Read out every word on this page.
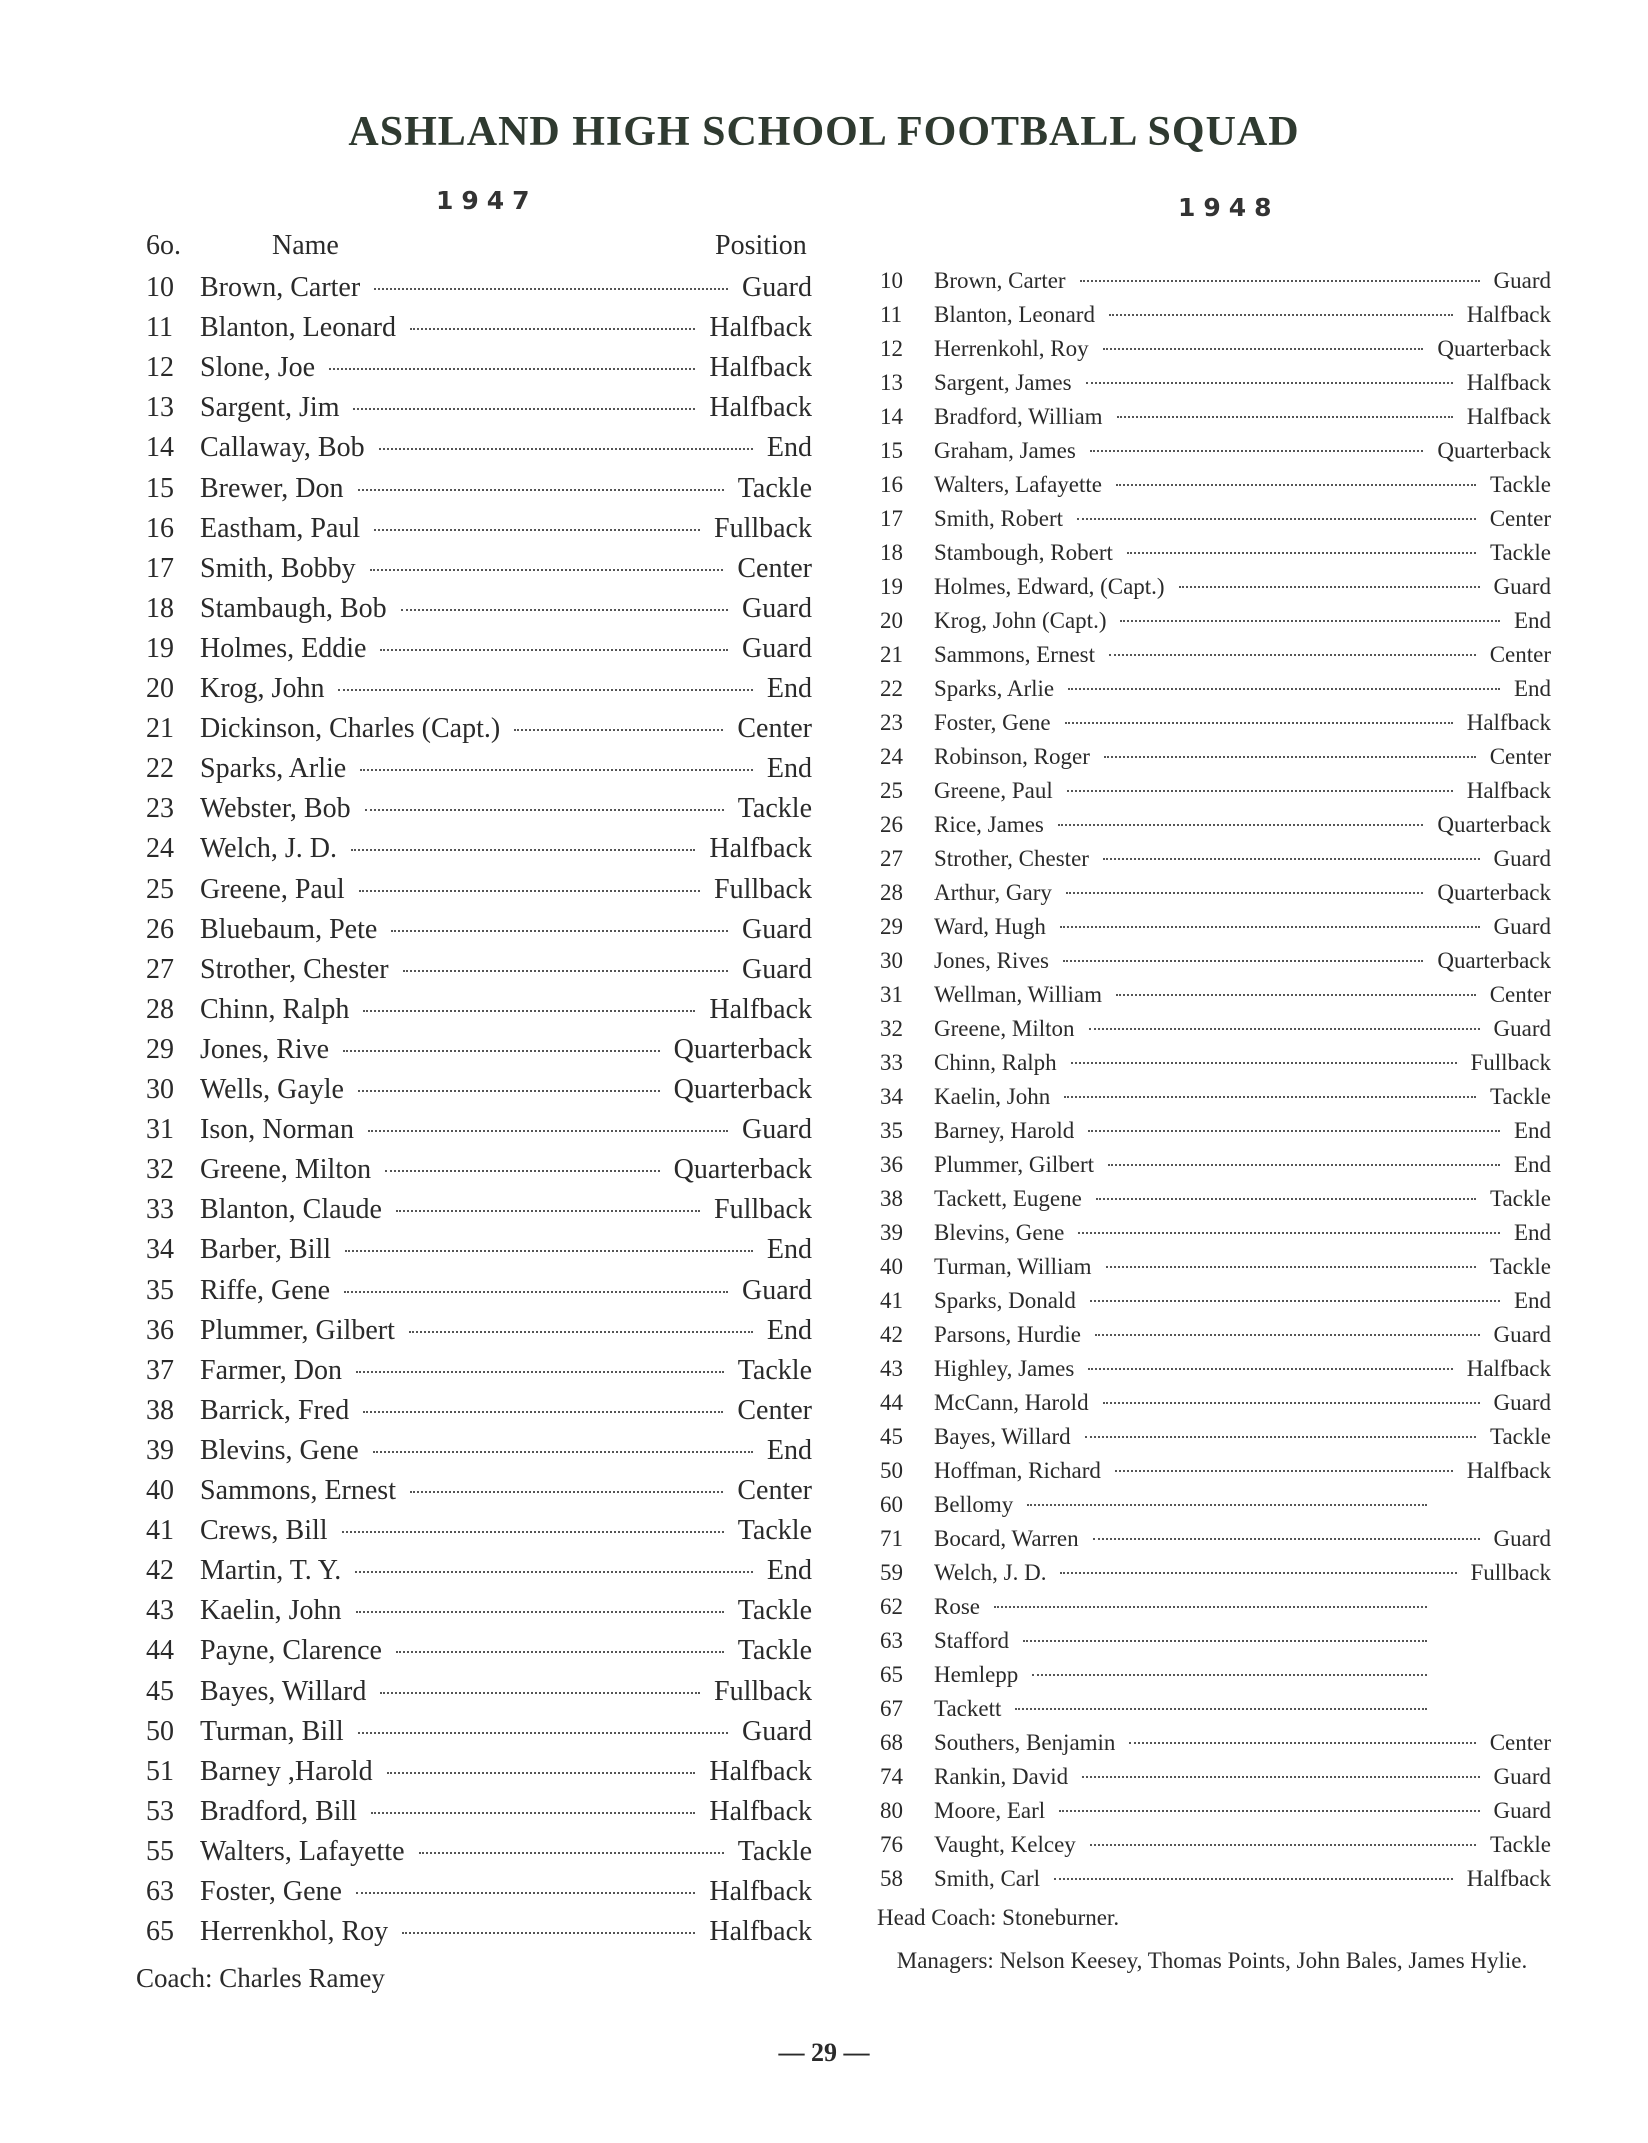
ASHLAND HIGH SCHOOL FOOTBALL SQUAD
1947	1948
6o.	Name	Position
10 Brown, Carter	Guard
11 Blanton, Leonard	Halfback
12 Slone, Joe	Halfback
13 Sargent, Jim	Halfback
14 Callaway, Bob	End
15 Brewer, Don	Tackle
16 Eastham, Paul	Fullback
17 Smith, Bobby	Center
18 Stambaugh, Bob	Guard
19 Holmes, Eddie	Guard
20 Krog, John	End
21 Dickinson, Charles (Capt.)	Center
22 Sparks, Arlie	End
23 Webster, Bob	Tackle
24 Welch, J. D.	Halfback
25 Greene, Paul	Fullback
26 Bluebaum, Pete	Guard
27 Strother, Chester	Guard
28 Chinn, Ralph	Halfback
29 Jones, Rive	Quarterback
30 Wells, Gayle	Quarterback
31 Ison, Norman	Guard
32 Greene, Milton	Quarterback
33 Blanton, Claude	Fullback
34 Barber, Bill	End
35 Riffe, Gene	Guard
36 Plummer, Gilbert	End
37 Farmer, Don	Tackle
38 Barrick, Fred	Center
39 Blevins, Gene	End
40 Sammons, Ernest	Center
41 Crews, Bill	Tackle
42 Martin, T. Y.	End
43 Kaelin, John	Tackle
44 Payne, Clarence	Tackle
45 Bayes, Willard	Fullback
50 Turman, Bill	Guard
51 Barney ,Harold	Halfback
53 Bradford, Bill	Halfback
55 Walters, Lafayette	Tackle
63 Foster, Gene	Halfback
65 Herrenkhol, Roy	Halfback
10	Brown, Carter	Guard
11	Blanton, Leonard	Halfback
12	Herrenkohl, Roy	Quarterback
13	Sargent, James	Halfback
14	Bradford, William	Halfback
15	Graham, James	Quarterback
16	Walters, Lafayette	Tackle
17	Smith, Robert	Center
18	Stambough, Robert	Tackle
19	Holmes, Edward, (Capt.)	Guard
20	Krog, John (Capt.)	End
21	Sammons, Ernest	Center
22	Sparks, Arlie	End
23	Foster, Gene	Halfback
24	Robinson, Roger	Center
25	Greene, Paul	Halfback
26	Rice, James	Quarterback
27	Strother, Chester	Guard
28	Arthur, Gary	Quarterback
29	Ward, Hugh	Guard
30	Jones, Rives	Quarterback
31	Wellman, William	Center
32	Greene, Milton	Guard
33	Chinn, Ralph	Fullback
34	Kaelin, John	Tackle
35	Barney, Harold	End
36	Plummer, Gilbert	End
38	Tackett, Eugene	Tackle
39	Blevins, Gene	End
40	Turman, William	Tackle
41	Sparks, Donald	End
42	Parsons, Hurdie	Guard
43	Highley, James	Halfback
44	McCann, Harold	Guard
45	Bayes, Willard	Tackle
50	Hoffman, Richard	Halfback
60	Bellomy
71	Bocard, Warren	Guard
59	Welch, J. D.	Fullback
62	Rose
63	Stafford
65	Hemlepp
67	Tackett
68	Southers, Benjamin	Center
74	Rankin, David	Guard
80	Moore, Earl	Guard
76	Vaught, Kelcey	Tackle
58	Smith, Carl	Halfback
Coach: Charles Ramey
Head Coach: Stoneburner.
Managers: Nelson Keesey, Thomas Points, John Bales, James Hylie.
— 29 —
